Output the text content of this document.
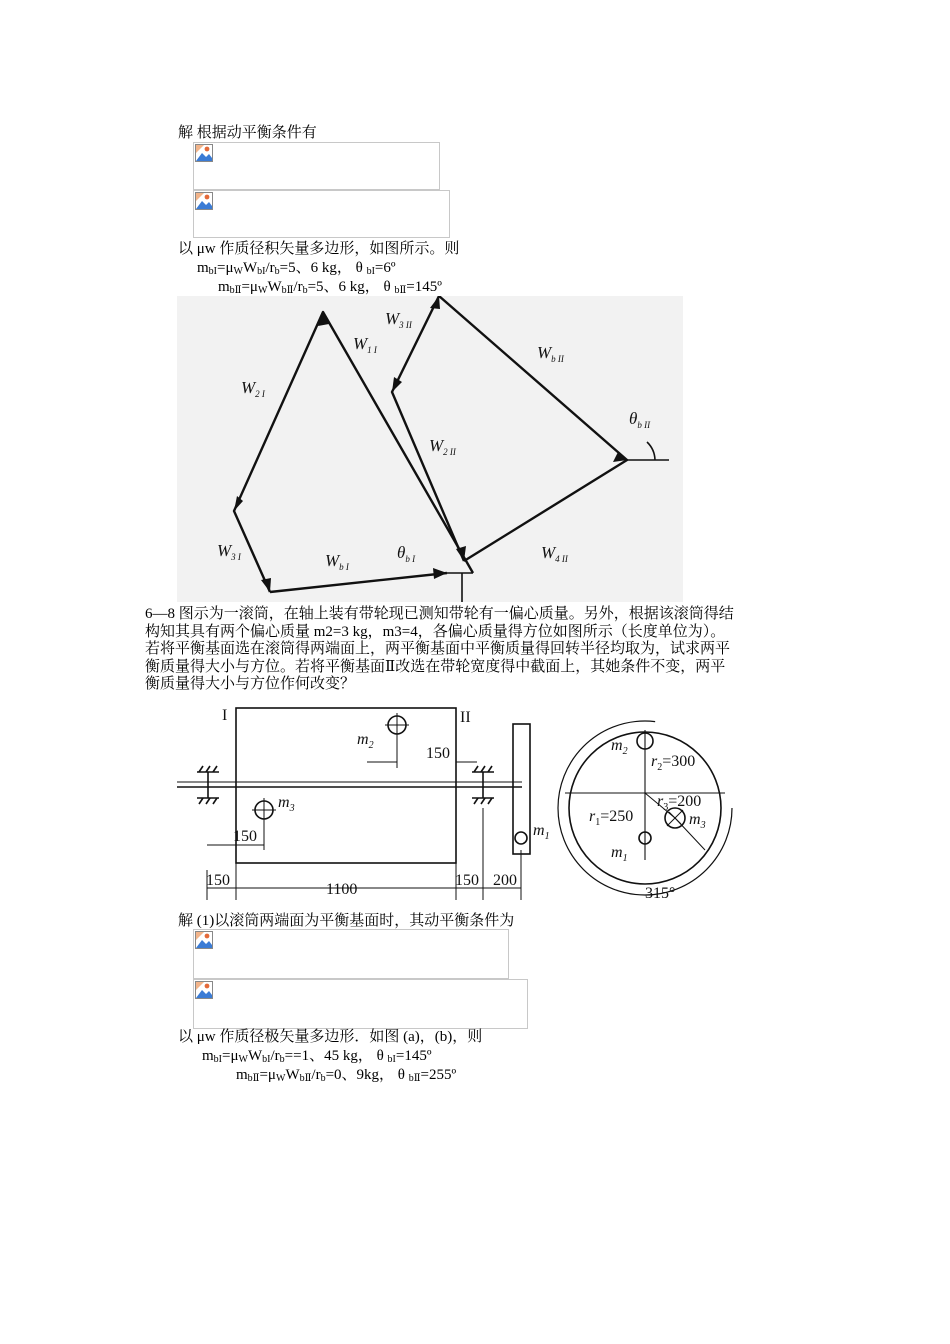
解 根据动平衡条件有
以 μw 作质径积矢量多边形，如图所示。则
$m_{bI}=\mu_WW_{bI}/r_b=5$、6 kg， θ $_{bI}$=6º
$m_{bⅡ}=\mu_WW_{bⅡ}/r_b=5$、6 kg， θ $_{bⅡ}$=145º
$W_{2 I}$
$W_{1 I}$
$W_{3 I}$	$W_{b I}$
$\theta_{b I}$
$W_{3 II}$
$W_{b II}$
$\theta_{b II}$
$W_{2 II}$
$W_{4 II}$
6—8 图示为一滚筒，在轴上装有带轮现已测知带轮有一偏心质量。另外，根据该滚筒得结
构知其具有两个偏心质量 m2=3 kg，m3=4，各偏心质量得方位如图所示（长度单位为）。
若将平衡基面选在滚筒得两端面上，两平衡基面中平衡质量得回转半径均取为，试求两平
衡质量得大小与方位。若将平衡基面Ⅱ改选在带轮宽度得中截面上，其她条件不变，两平
衡质量得大小与方位作何改变？
I	II
$m_2$
$m_3$
$m_1$
150
150
150
1100
150 200
$m_2$
$r_2=300$
$r_1=250$
$r_3=200$
$m_3$
$m_1$
315°
解 (1)以滚筒两端面为平衡基面时，其动平衡条件为
以 μw 作质径极矢量多边形．如图 (a)，(b)，则
$m_{bI}=\mu_WW_{bI}/r_b==1$、45 kg， θ $_{bI}$=145º
$m_{bⅡ}=\mu_WW_{bⅡ}/r_b=0$、9kg， θ $_{bⅡ}$=255º
